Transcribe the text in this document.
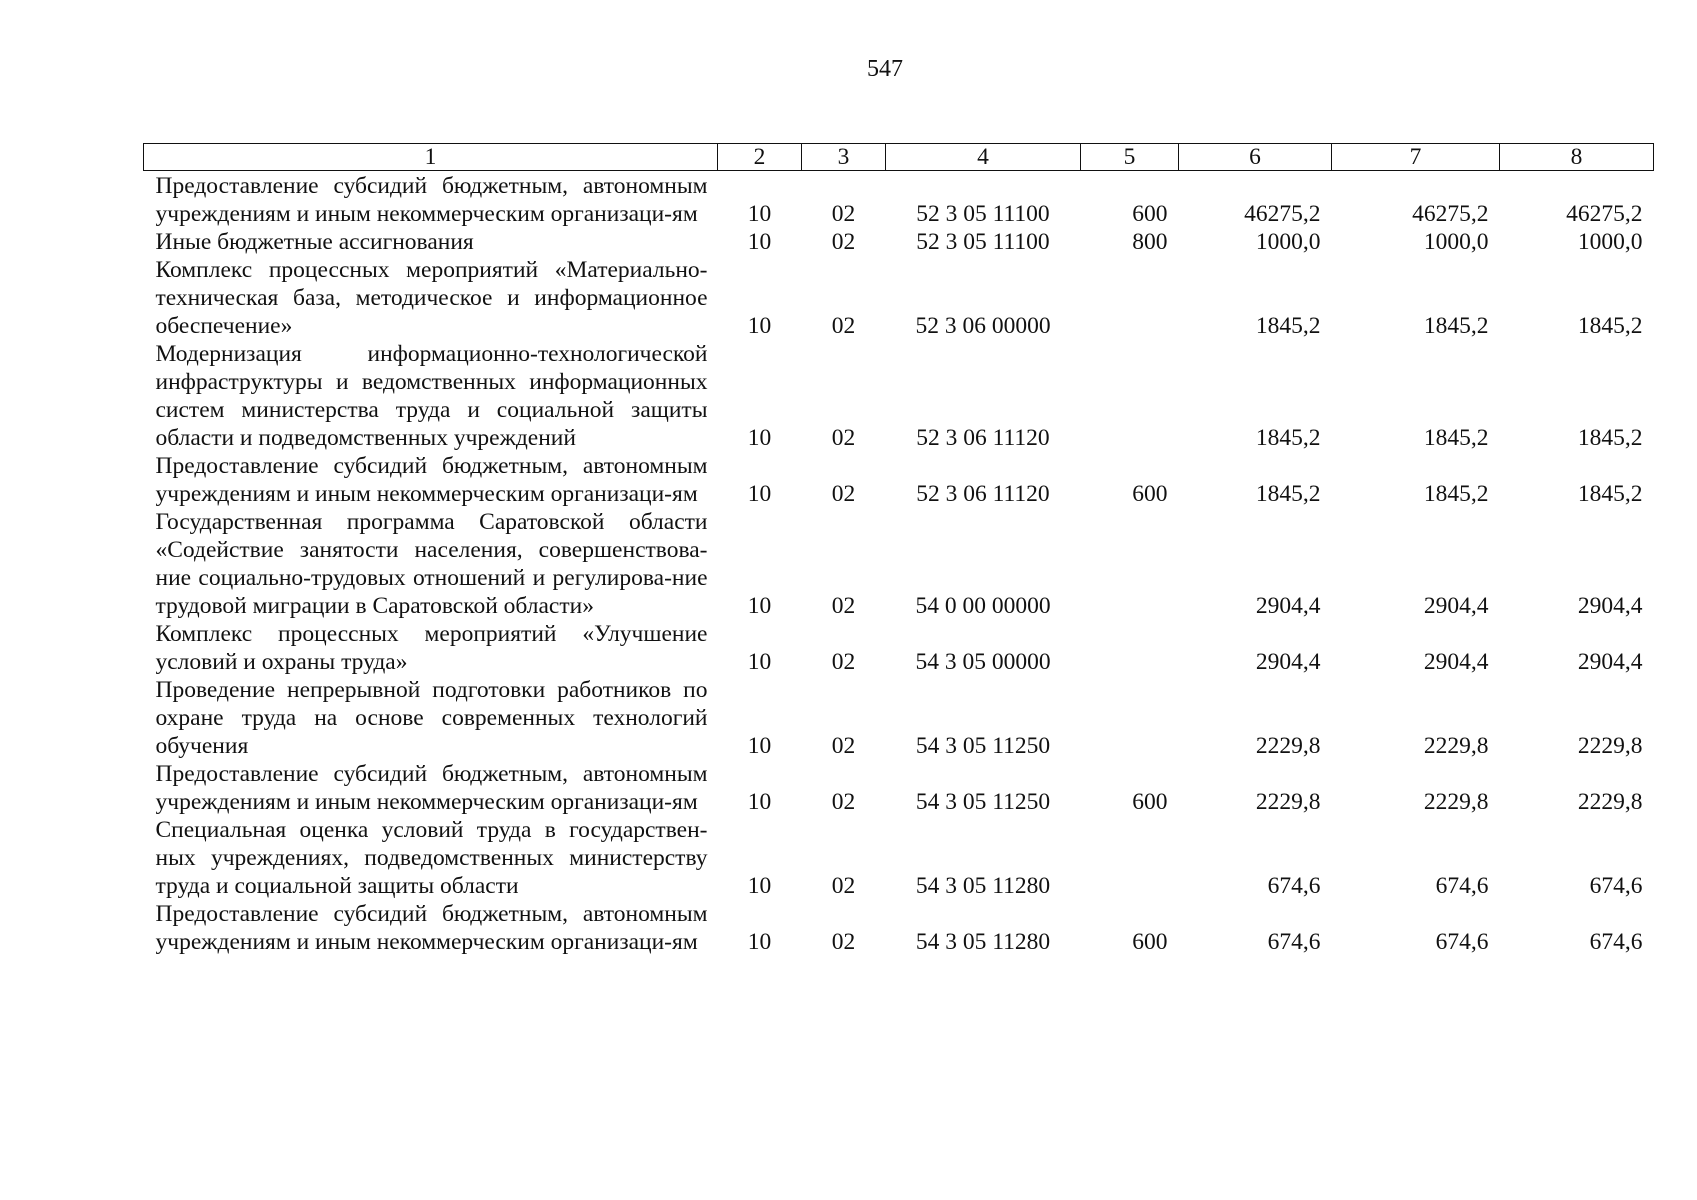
547
1	2	3	4	5	6	7	8
Предоставление субсидий бюджетным, автономным учреждениям и иным некоммерческим организаци-ям	10	02	52 3 05 11100	600	46275,2	46275,2	46275,2
Иные бюджетные ассигнования	10	02	52 3 05 11100	800	1000,0	1000,0	1000,0
Комплекс процессных мероприятий «Материально-техническая база, методическое и информационное обеспечение»	10	02	52 3 06 00000		1845,2	1845,2	1845,2
Модернизация информационно-технологической инфраструктуры и ведомственных информационных систем министерства труда и социальной защиты области и подведомственных учреждений	10	02	52 3 06 11120		1845,2	1845,2	1845,2
Предоставление субсидий бюджетным, автономным учреждениям и иным некоммерческим организаци-ям	10	02	52 3 06 11120	600	1845,2	1845,2	1845,2
Государственная программа Саратовской области «Содействие занятости населения, совершенствова-ние социально-трудовых отношений и регулирова-ние трудовой миграции в Саратовской области»	10	02	54 0 00 00000		2904,4	2904,4	2904,4
Комплекс процессных мероприятий «Улучшение условий и охраны труда»	10	02	54 3 05 00000		2904,4	2904,4	2904,4
Проведение непрерывной подготовки работников по охране труда на основе современных технологий обучения	10	02	54 3 05 11250		2229,8	2229,8	2229,8
Предоставление субсидий бюджетным, автономным учреждениям и иным некоммерческим организаци-ям	10	02	54 3 05 11250	600	2229,8	2229,8	2229,8
Специальная оценка условий труда в государствен-ных учреждениях, подведомственных министерству труда и социальной защиты области	10	02	54 3 05 11280		674,6	674,6	674,6
Предоставление субсидий бюджетным, автономным учреждениям и иным некоммерческим организаци-ям	10	02	54 3 05 11280	600	674,6	674,6	674,6
